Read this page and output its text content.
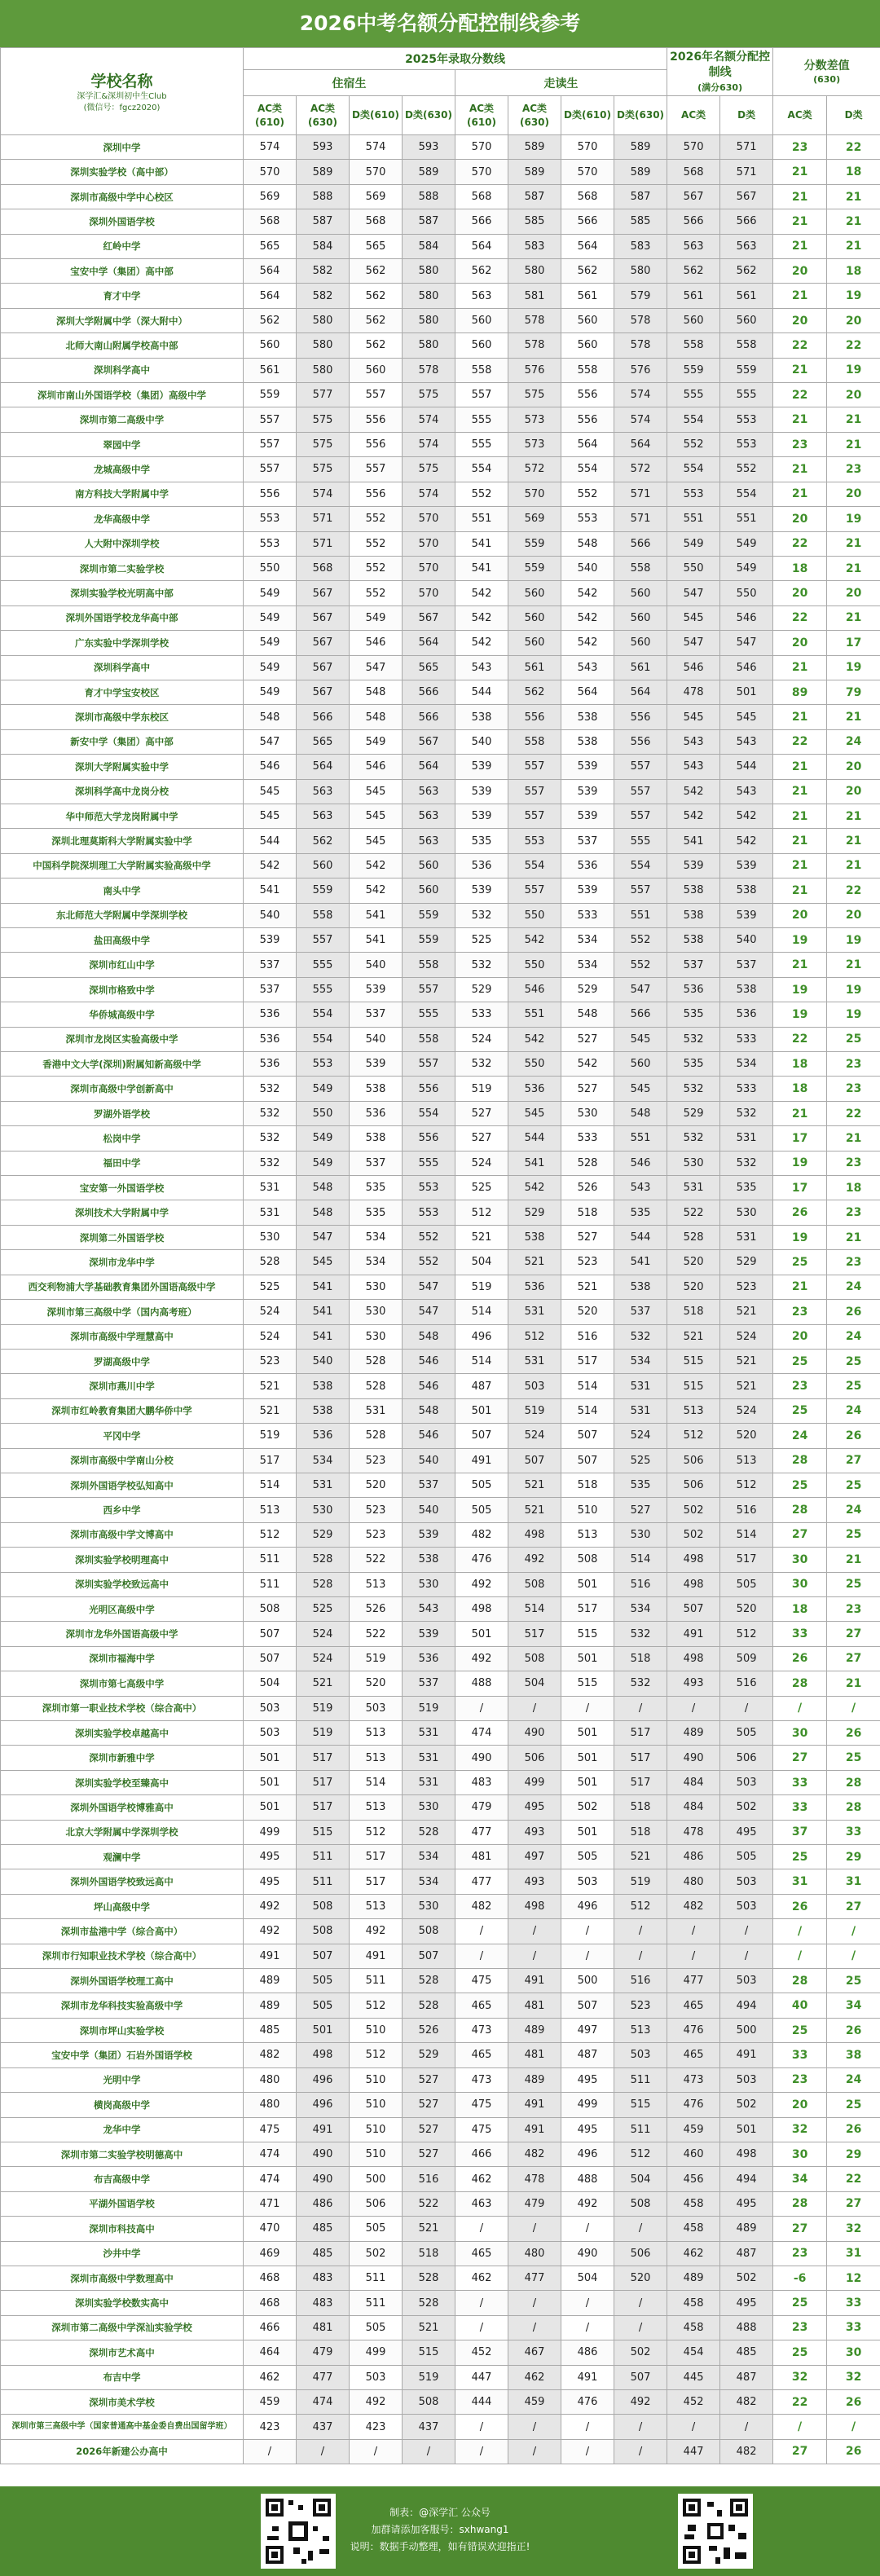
2026中考名额分配控制线参考
学校名称
深学汇&深圳初中生Club
(微信号：fgcz2020)	2025年录取分数线								2026年名额分配控制线
(满分630)		分数差值
(630)	

	住宿生				走读生							
	AC类(610)	AC类(630)	D类(610)	D类(630)	AC类(610)	AC类(630)	D类(610)	D类(630)	AC类	D类	AC类	D类
深圳中学	574	593	574	593	570	589	570	589	570	571	23	22
深圳实验学校（高中部）	570	589	570	589	570	589	570	589	568	571	21	18
深圳市高级中学中心校区	569	588	569	588	568	587	568	587	567	567	21	21
深圳外国语学校	568	587	568	587	566	585	566	585	566	566	21	21
红岭中学	565	584	565	584	564	583	564	583	563	563	21	21
宝安中学（集团）高中部	564	582	562	580	562	580	562	580	562	562	20	18
育才中学	564	582	562	580	563	581	561	579	561	561	21	19
深圳大学附属中学（深大附中）	562	580	562	580	560	578	560	578	560	560	20	20
北师大南山附属学校高中部	560	580	562	580	560	578	560	578	558	558	22	22
深圳科学高中	561	580	560	578	558	576	558	576	559	559	21	19
深圳市南山外国语学校（集团）高级中学	559	577	557	575	557	575	556	574	555	555	22	20
深圳市第二高级中学	557	575	556	574	555	573	556	574	554	553	21	21
翠园中学	557	575	556	574	555	573	564	564	552	553	23	21
龙城高级中学	557	575	557	575	554	572	554	572	554	552	21	23
南方科技大学附属中学	556	574	556	574	552	570	552	571	553	554	21	20
龙华高级中学	553	571	552	570	551	569	553	571	551	551	20	19
人大附中深圳学校	553	571	552	570	541	559	548	566	549	549	22	21
深圳市第二实验学校	550	568	552	570	541	559	540	558	550	549	18	21
深圳实验学校光明高中部	549	567	552	570	542	560	542	560	547	550	20	20
深圳外国语学校龙华高中部	549	567	549	567	542	560	542	560	545	546	22	21
广东实验中学深圳学校	549	567	546	564	542	560	542	560	547	547	20	17
深圳科学高中	549	567	547	565	543	561	543	561	546	546	21	19
育才中学宝安校区	549	567	548	566	544	562	564	564	478	501	89	79
深圳市高级中学东校区	548	566	548	566	538	556	538	556	545	545	21	21
新安中学（集团）高中部	547	565	549	567	540	558	538	556	543	543	22	24
深圳大学附属实验中学	546	564	546	564	539	557	539	557	543	544	21	20
深圳科学高中龙岗分校	545	563	545	563	539	557	539	557	542	543	21	20
华中师范大学龙岗附属中学	545	563	545	563	539	557	539	557	542	542	21	21
深圳北理莫斯科大学附属实验中学	544	562	545	563	535	553	537	555	541	542	21	21
中国科学院深圳理工大学附属实验高级中学	542	560	542	560	536	554	536	554	539	539	21	21
南头中学	541	559	542	560	539	557	539	557	538	538	21	22
东北师范大学附属中学深圳学校	540	558	541	559	532	550	533	551	538	539	20	20
盐田高级中学	539	557	541	559	525	542	534	552	538	540	19	19
深圳市红山中学	537	555	540	558	532	550	534	552	537	537	21	21
深圳市格致中学	537	555	539	557	529	546	529	547	536	538	19	19
华侨城高级中学	536	554	537	555	533	551	548	566	535	536	19	19
深圳市龙岗区实验高级中学	536	554	540	558	524	542	527	545	532	533	22	25
香港中文大学(深圳)附属知新高级中学	536	553	539	557	532	550	542	560	535	534	18	23
深圳市高级中学创新高中	532	549	538	556	519	536	527	545	532	533	18	23
罗湖外语学校	532	550	536	554	527	545	530	548	529	532	21	22
松岗中学	532	549	538	556	527	544	533	551	532	531	17	21
福田中学	532	549	537	555	524	541	528	546	530	532	19	23
宝安第一外国语学校	531	548	535	553	525	542	526	543	531	535	17	18
深圳技术大学附属中学	531	548	535	553	512	529	518	535	522	530	26	23
深圳第二外国语学校	530	547	534	552	521	538	527	544	528	531	19	21
深圳市龙华中学	528	545	534	552	504	521	523	541	520	529	25	23
西交利物浦大学基础教育集团外国语高级中学	525	541	530	547	519	536	521	538	520	523	21	24
深圳市第三高级中学（国内高考班）	524	541	530	547	514	531	520	537	518	521	23	26
深圳市高级中学理慧高中	524	541	530	548	496	512	516	532	521	524	20	24
罗湖高级中学	523	540	528	546	514	531	517	534	515	521	25	25
深圳市燕川中学	521	538	528	546	487	503	514	531	515	521	23	25
深圳市红岭教育集团大鹏华侨中学	521	538	531	548	501	519	514	531	513	524	25	24
平冈中学	519	536	528	546	507	524	507	524	512	520	24	26
深圳市高级中学南山分校	517	534	523	540	491	507	507	525	506	513	28	27
深圳外国语学校弘知高中	514	531	520	537	505	521	518	535	506	512	25	25
西乡中学	513	530	523	540	505	521	510	527	502	516	28	24
深圳市高级中学文博高中	512	529	523	539	482	498	513	530	502	514	27	25
深圳实验学校明理高中	511	528	522	538	476	492	508	514	498	517	30	21
深圳实验学校致远高中	511	528	513	530	492	508	501	516	498	505	30	25
光明区高级中学	508	525	526	543	498	514	517	534	507	520	18	23
深圳市龙华外国语高级中学	507	524	522	539	501	517	515	532	491	512	33	27
深圳市福海中学	507	524	519	536	492	508	501	518	498	509	26	27
深圳市第七高级中学	504	521	520	537	488	504	515	532	493	516	28	21
深圳市第一职业技术学校（综合高中）	503	519	503	519	/	/	/	/	/	/	/	/
深圳实验学校卓越高中	503	519	513	531	474	490	501	517	489	505	30	26
深圳市新雅中学	501	517	513	531	490	506	501	517	490	506	27	25
深圳实验学校至臻高中	501	517	514	531	483	499	501	517	484	503	33	28
深圳外国语学校博雅高中	501	517	513	530	479	495	502	518	484	502	33	28
北京大学附属中学深圳学校	499	515	512	528	477	493	501	518	478	495	37	33
观澜中学	495	511	517	534	481	497	505	521	486	505	25	29
深圳外国语学校致远高中	495	511	517	534	477	493	503	519	480	503	31	31
坪山高级中学	492	508	513	530	482	498	496	512	482	503	26	27
深圳市盐港中学（综合高中）	492	508	492	508	/	/	/	/	/	/	/	/
深圳市行知职业技术学校（综合高中）	491	507	491	507	/	/	/	/	/	/	/	/
深圳外国语学校理工高中	489	505	511	528	475	491	500	516	477	503	28	25
深圳市龙华科技实验高级中学	489	505	512	528	465	481	507	523	465	494	40	34
深圳市坪山实验学校	485	501	510	526	473	489	497	513	476	500	25	26
宝安中学（集团）石岩外国语学校	482	498	512	529	465	481	487	503	465	491	33	38
光明中学	480	496	510	527	473	489	495	511	473	503	23	24
横岗高级中学	480	496	510	527	475	491	499	515	476	502	20	25
龙华中学	475	491	510	527	475	491	495	511	459	501	32	26
深圳市第二实验学校明德高中	474	490	510	527	466	482	496	512	460	498	30	29
布吉高级中学	474	490	500	516	462	478	488	504	456	494	34	22
平湖外国语学校	471	486	506	522	463	479	492	508	458	495	28	27
深圳市科技高中	470	485	505	521	/	/	/	/	458	489	27	32
沙井中学	469	485	502	518	465	480	490	506	462	487	23	31
深圳市高级中学数理高中	468	483	511	528	462	477	504	520	489	502	-6	12
深圳实验学校数实高中	468	483	511	528	/	/	/	/	458	495	25	33
深圳市第二高级中学深汕实验学校	466	481	505	521	/	/	/	/	458	488	23	33
深圳市艺术高中	464	479	499	515	452	467	486	502	454	485	25	30
布吉中学	462	477	503	519	447	462	491	507	445	487	32	32
深圳市美术学校	459	474	492	508	444	459	476	492	452	482	22	26
深圳市第三高级中学（国家普通高中基金委自费出国留学班）	423	437	423	437	/	/	/	/	/	/	/	/
2026年新建公办高中	/	/	/	/	/	/	/	/	447	482	27	26
制表：@深学汇 公众号
加群请添加客服号：sxhwang1
说明：数据手动整理，如有错误欢迎指正!
